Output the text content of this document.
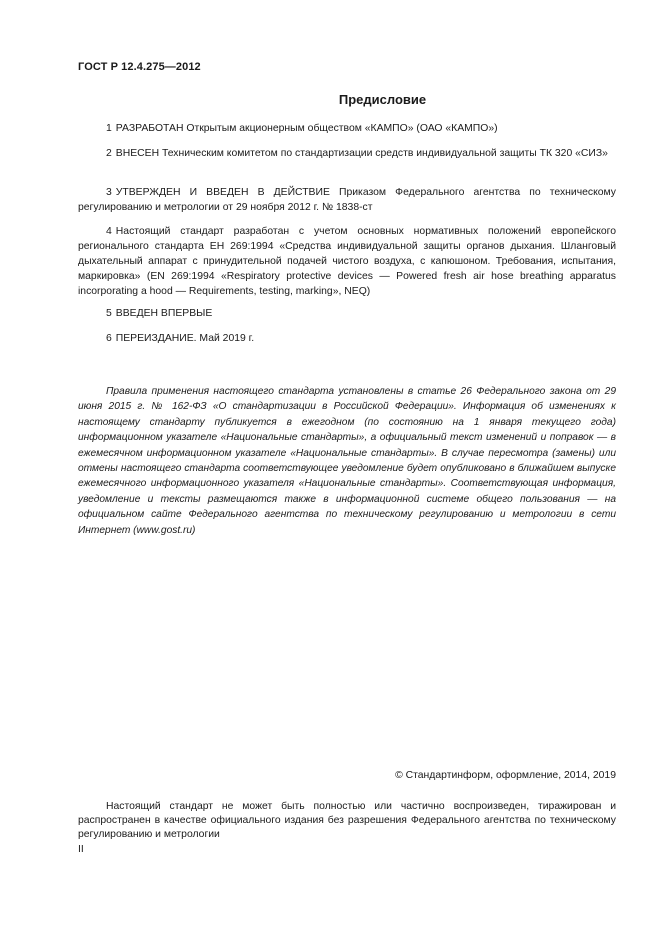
ГОСТ Р 12.4.275—2012
Предисловие
1 РАЗРАБОТАН Открытым акционерным обществом «КАМПО» (ОАО «КАМПО»)
2 ВНЕСЕН Техническим комитетом по стандартизации средств индивидуальной защиты ТК 320 «СИЗ»
3 УТВЕРЖДЕН И ВВЕДЕН В ДЕЙСТВИЕ Приказом Федерального агентства по техническому регулированию и метрологии от 29 ноября 2012 г. № 1838-ст
4 Настоящий стандарт разработан с учетом основных нормативных положений европейского регионального стандарта ЕН 269:1994 «Средства индивидуальной защиты органов дыхания. Шланговый дыхательный аппарат с принудительной подачей чистого воздуха, с капюшоном. Требования, испытания, маркировка» (EN 269:1994 «Respiratory protective devices — Powered fresh air hose breathing apparatus incorporating a hood — Requirements, testing, marking», NEQ)
5 ВВЕДЕН ВПЕРВЫЕ
6 ПЕРЕИЗДАНИЕ. Май 2019 г.
Правила применения настоящего стандарта установлены в статье 26 Федерального закона от 29 июня 2015 г. № 162-ФЗ «О стандартизации в Российской Федерации». Информация об изменениях к настоящему стандарту публикуется в ежегодном (по состоянию на 1 января текущего года) информационном указателе «Национальные стандарты», а официальный текст изменений и поправок — в ежемесячном информационном указателе «Национальные стандарты». В случае пересмотра (замены) или отмены настоящего стандарта соответствующее уведомление будет опубликовано в ближайшем выпуске ежемесячного информационного указателя «Национальные стандарты». Соответствующая информация, уведомление и тексты размещаются также в информационной системе общего пользования — на официальном сайте Федерального агентства по техническому регулированию и метрологии в сети Интернет (www.gost.ru)
© Стандартинформ, оформление, 2014, 2019
Настоящий стандарт не может быть полностью или частично воспроизведен, тиражирован и распространен в качестве официального издания без разрешения Федерального агентства по техническому регулированию и метрологии
II
